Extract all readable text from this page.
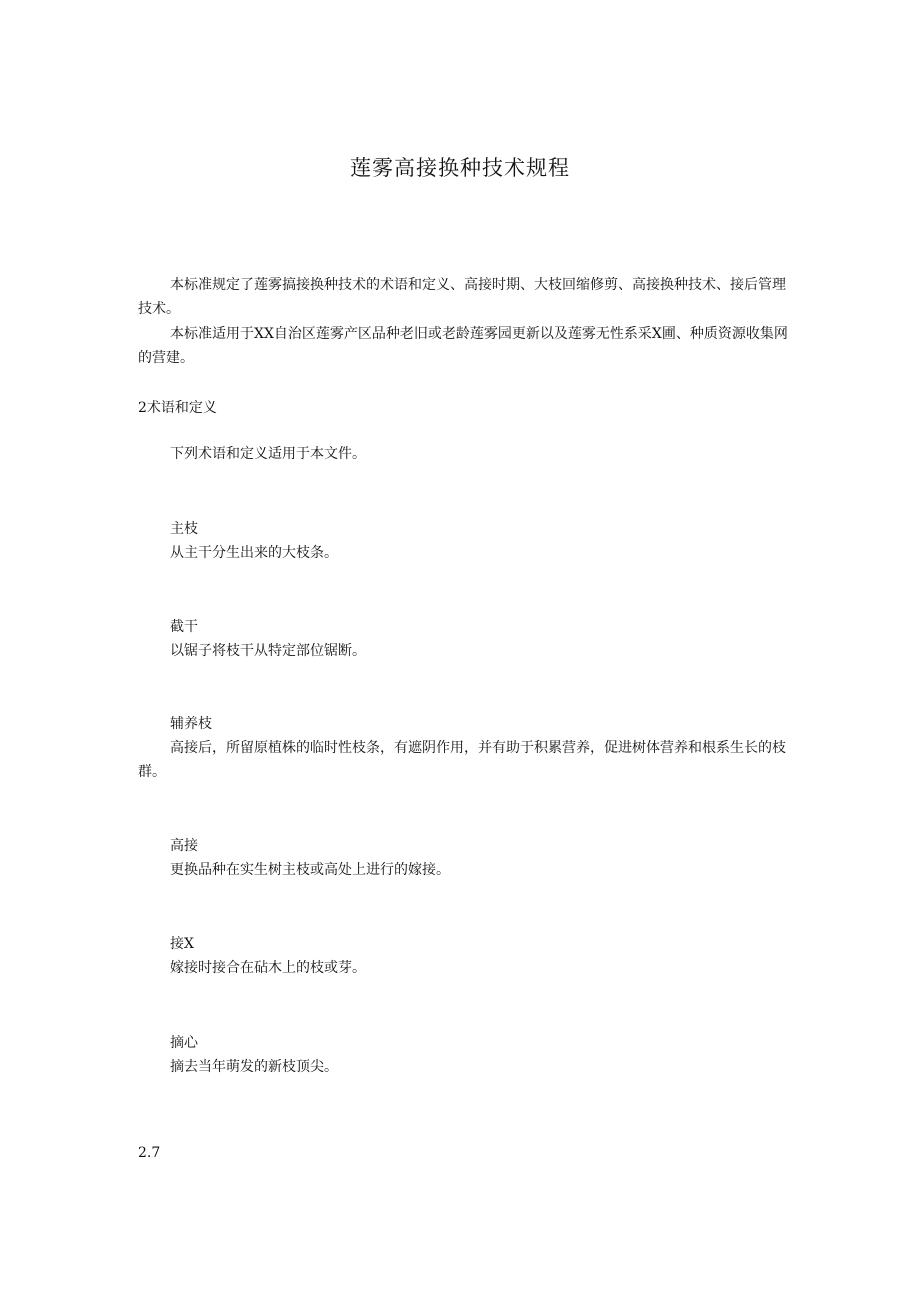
莲雾高接换种技术规程

本标准规定了莲雾搞接换种技术的术语和定义、高接时期、大枝回缩修剪、高接换种技术、接后管理技术。

本标准适用于XX自治区莲雾产区品种老旧或老龄莲雾园更新以及莲雾无性系采X圃、种质资源收集网的营建。

2术语和定义

下列术语和定义适用于本文件。

主枝

从主干分生出来的大枝条。

截干

以锯子将枝干从特定部位锯断。

辅养枝

高接后，所留原植株的临时性枝条，有遮阴作用，并有助于积累营养，促进树体营养和根系生长的枝群。

高接

更换品种在实生树主枝或高处上进行的嫁接。

接X

嫁接时接合在砧木上的枝或芽。

摘心

摘去当年萌发的新枝顶尖。

2.7
